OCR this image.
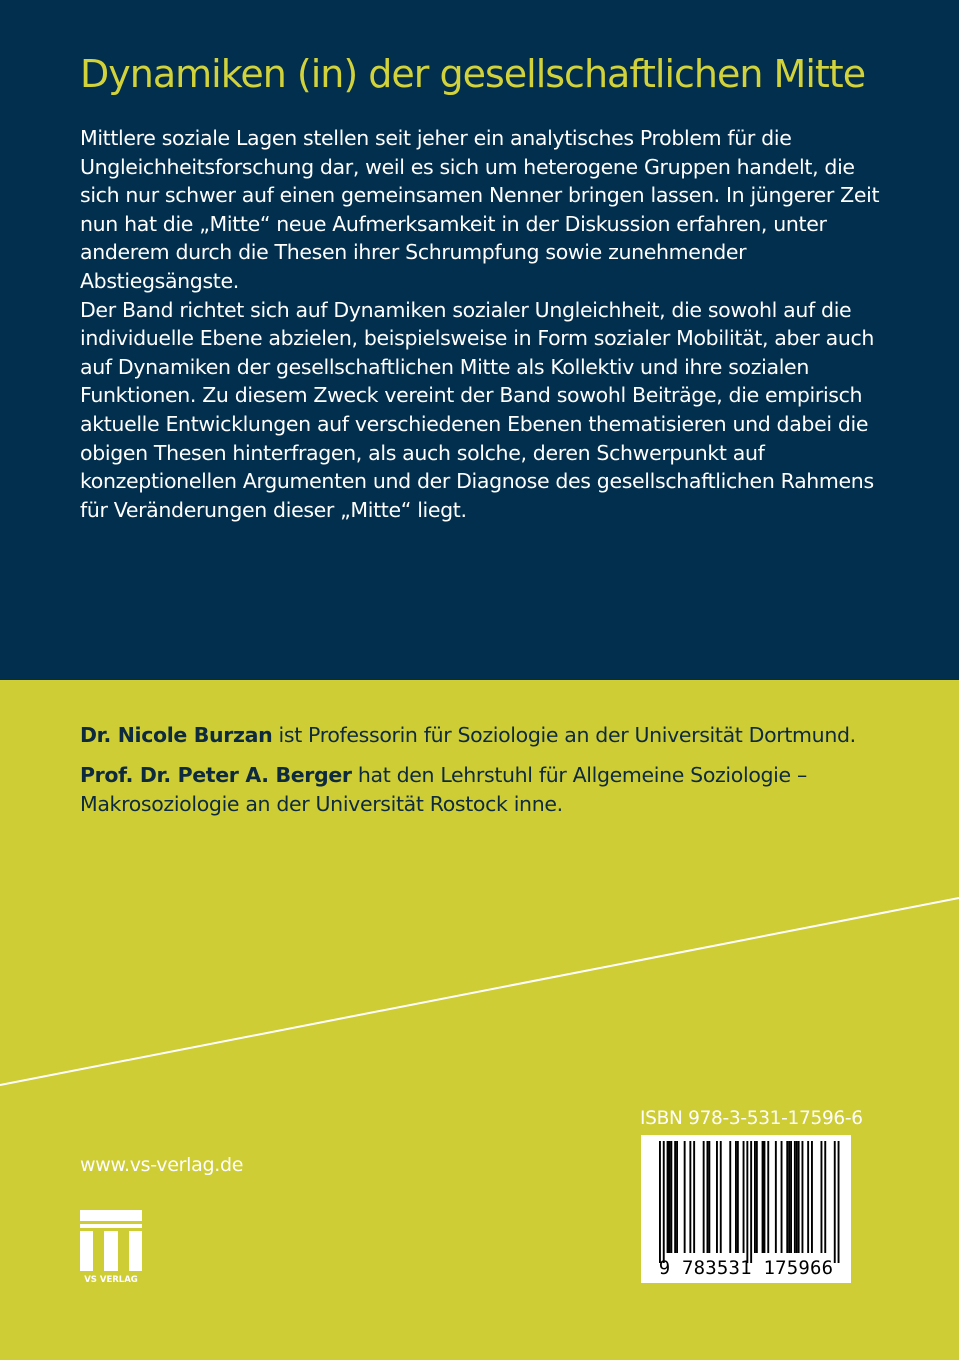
Dynamiken (in) der gesellschaftlichen Mitte

Mittlere soziale Lagen stellen seit jeher ein analytisches Problem für die Ungleichheitsforschung dar, weil es sich um heterogene Gruppen handelt, die sich nur schwer auf einen gemeinsamen Nenner bringen lassen. In jüngerer Zeit nun hat die „Mitte“ neue Aufmerksamkeit in der Diskussion erfahren, unter anderem durch die Thesen ihrer Schrumpfung sowie zunehmender Abstiegsängste.

Der Band richtet sich auf Dynamiken sozialer Ungleichheit, die sowohl auf die individuelle Ebene abzielen, beispielsweise in Form sozialer Mobilität, aber auch auf Dynamiken der gesellschaftlichen Mitte als Kollektiv und ihre sozialen Funktionen. Zu diesem Zweck vereint der Band sowohl Beiträge, die empirisch aktuelle Entwicklungen auf verschiedenen Ebenen thematisieren und dabei die obigen Thesen hinterfragen, als auch solche, deren Schwerpunkt auf konzeptionellen Argumenten und der Diagnose des gesellschaftlichen Rahmens für Veränderungen dieser „Mitte“ liegt.

Dr. Nicole Burzan ist Professorin für Soziologie an der Universität Dortmund.

Prof. Dr. Peter A. Berger hat den Lehrstuhl für Allgemeine Soziologie – Makrosoziologie an der Universität Rostock inne.

www.vs-verlag.de

VS VERLAG

ISBN 978-3-531-17596-6

9 783531 175966
